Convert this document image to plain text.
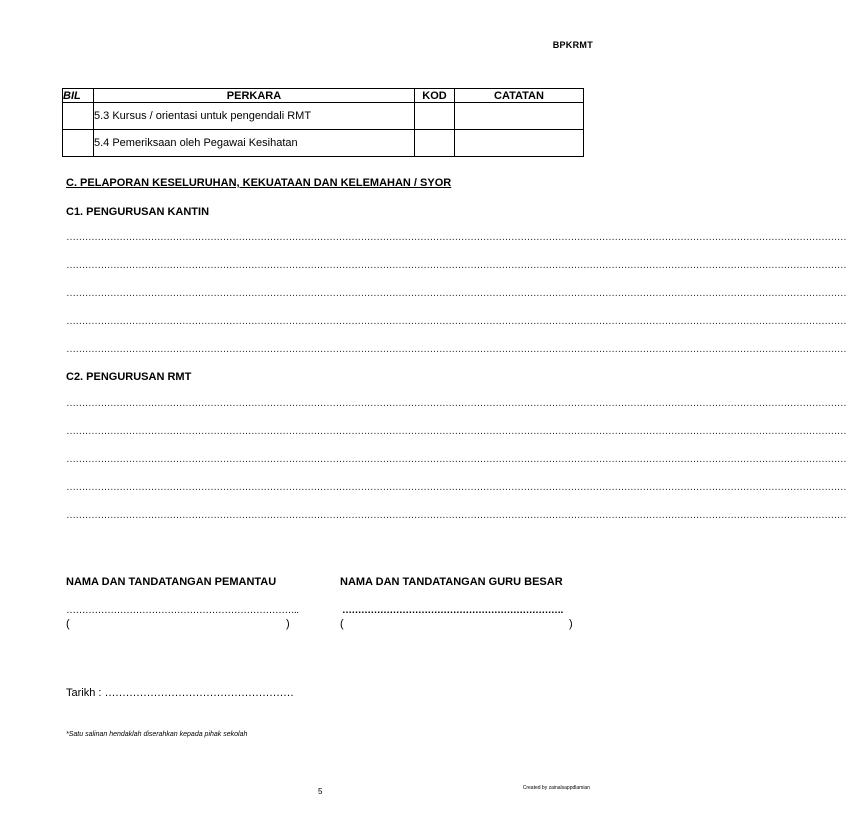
BPKRMT
BIL	PERKARA	KOD	CATATAN
	5.3 Kursus / orientasi untuk pengendali RMT		
	5.4 Pemeriksaan oleh Pegawai Kesihatan		
C. PELAPORAN KESELURUHAN, KEKUATAAN DAN KELEMAHAN / SYOR
C1. PENGURUSAN KANTIN
……………………………………………………………………………………………………………………………………………………………………………………………………………………………
……………………………………………………………………………………………………………………………………………………………………………………………………………………………
……………………………………………………………………………………………………………………………………………………………………………………………………………………………
……………………………………………………………………………………………………………………………………………………………………………………………………………………………
……………………………………………………………………………………………………………………………………………………………………………………………………………………………
C2. PENGURUSAN RMT
……………………………………………………………………………………………………………………………………………………………………………………………………………………………
……………………………………………………………………………………………………………………………………………………………………………………………………………………………
……………………………………………………………………………………………………………………………………………………………………………………………………………………………
……………………………………………………………………………………………………………………………………………………………………………………………………………………………
……………………………………………………………………………………………………………………………………………………………………………………………………………………………
NAMA DAN TANDATANGAN PEMANTAU
………………………………………………………………..
(	)
NAMA DAN TANDATANGAN GURU BESAR
…………………………………………………………….
(	)
Tarikh : ………………………………………………
*Satu salinan hendaklah diserahkan kepada pihak sekolah
5	Created by zainalsappdlamian
